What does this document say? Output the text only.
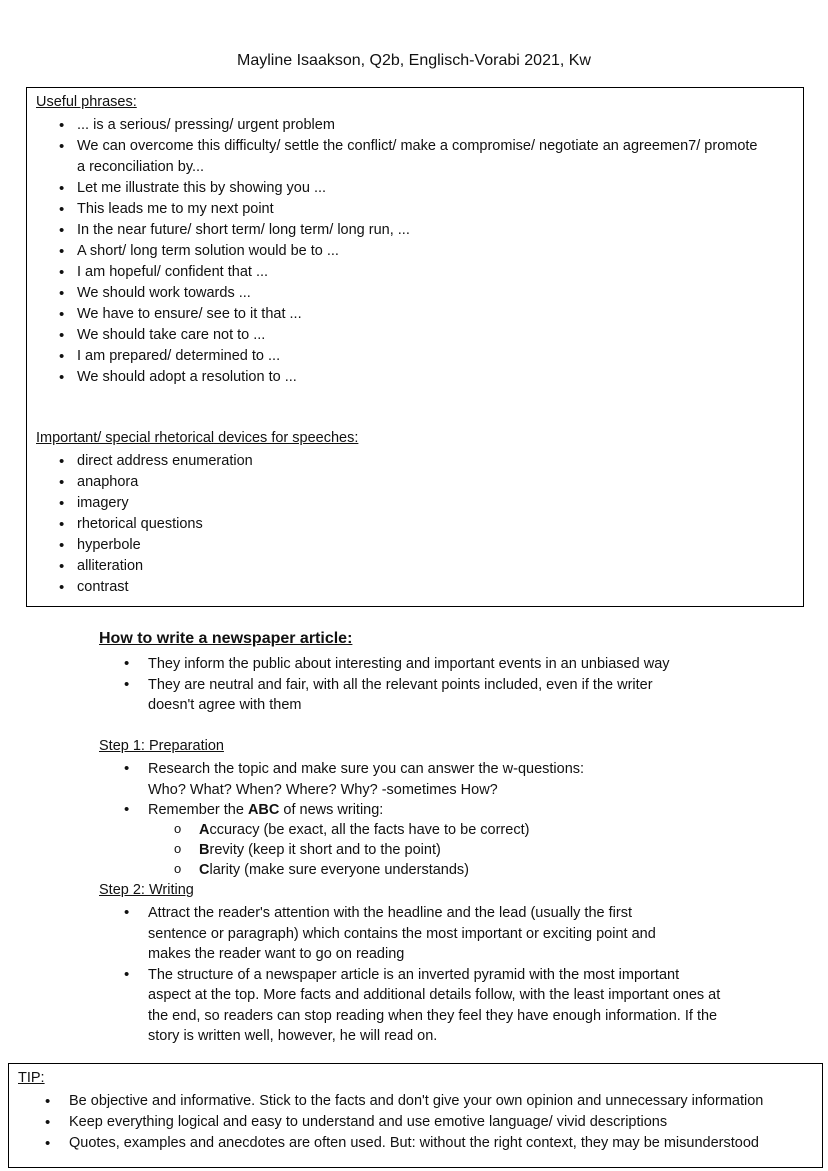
Mayline Isaakson, Q2b, Englisch-Vorabi 2021, Kw
Useful phrases:
• ... is a serious/ pressing/ urgent problem
• We can overcome this difficulty/ settle the conflict/ make a compromise/ negotiate an agreemen7/ promote a reconciliation by...
• Let me illustrate this by showing you ...
• This leads me to my next point
• In the near future/ short term/ long term/ long run, ...
• A short/ long term solution would be to ...
• I am hopeful/ confident that ...
• We should work towards ...
• We have to ensure/ see to it that ...
• We should take care not to ...
• I am prepared/ determined to ...
• We should adopt a resolution to ...
Important/ special rhetorical devices for speeches:
• direct address enumeration
• anaphora
• imagery
• rhetorical questions
• hyperbole
• alliteration
• contrast
How to write a newspaper article:
• They inform the public about interesting and important events in an unbiased way
• They are neutral and fair, with all the relevant points included, even if the writer doesn't agree with them
Step 1: Preparation
• Research the topic and make sure you can answer the w-questions: Who? What? When? Where? Why? -sometimes How?
• Remember the ABC of news writing:
o Accuracy (be exact, all the facts have to be correct)
o Brevity (keep it short and to the point)
o Clarity (make sure everyone understands)
Step 2: Writing
• Attract the reader's attention with the headline and the lead (usually the first sentence or paragraph) which contains the most important or exciting point and makes the reader want to go on reading
• The structure of a newspaper article is an inverted pyramid with the most important aspect at the top. More facts and additional details follow, with the least important ones at the end, so readers can stop reading when they feel they have enough information. If the story is written well, however, he will read on.
TIP:
• Be objective and informative. Stick to the facts and don't give your own opinion and unnecessary information
• Keep everything logical and easy to understand and use emotive language/ vivid descriptions
• Quotes, examples and anecdotes are often used. But: without the right context, they may be misunderstood
